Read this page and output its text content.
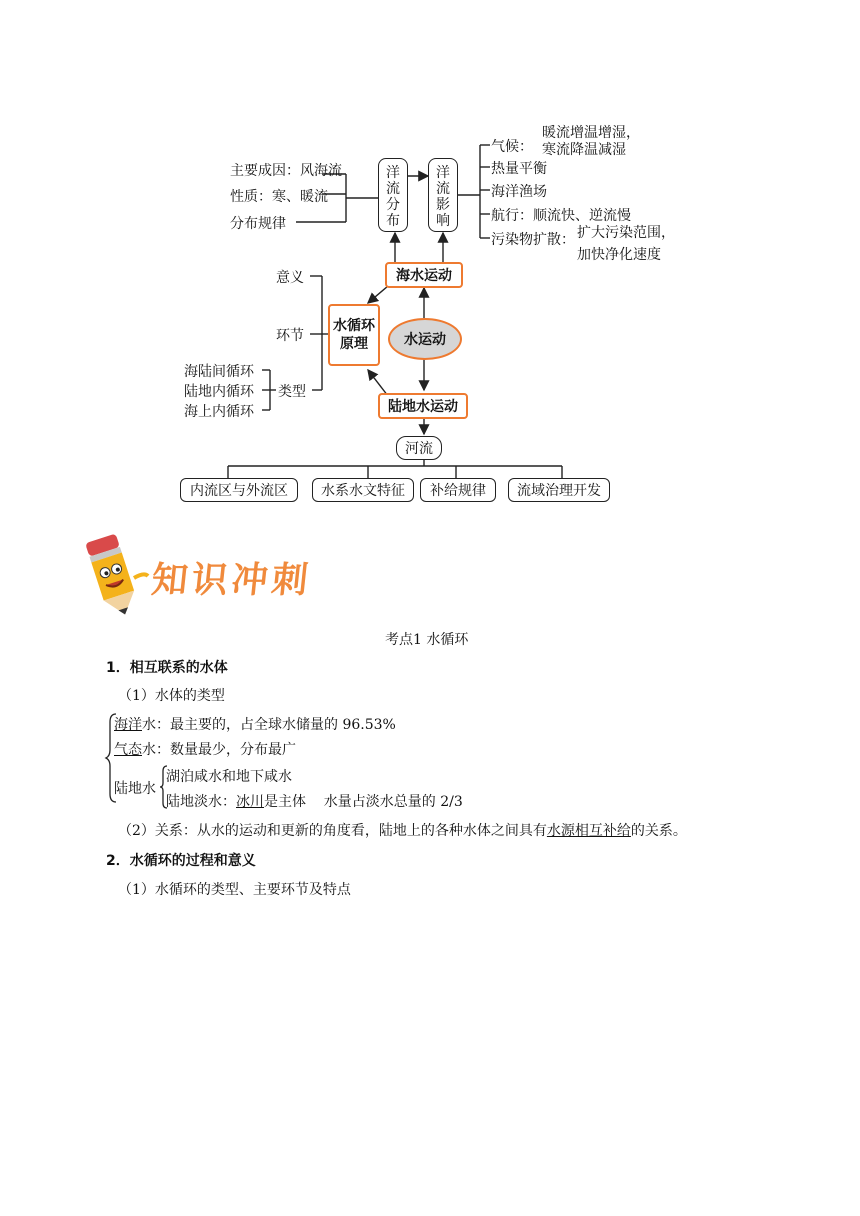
主要成因：风海流
性质：寒、暖流
分布规律
洋流分布
洋流影响
气候：
暖流增温增湿，
寒流降温减湿
热量平衡
海洋渔场
航行：顺流快、逆流慢
污染物扩散： 扩大污染范围，
加快净化速度
海水运动
水循环原理	水运动
陆地水运动
意义
环节
类型
海陆间循环
陆地内循环
海上内循环
河流
内流区与外流区	水系水文特征	补给规律	流域治理开发
知识冲刺
考点1 水循环
1．相互联系的水体
（1）水体的类型
海洋水：最主要的，占全球水储量的 96.53%
气态水：数量最少，分布最广
陆地水
湖泊咸水和地下咸水
陆地淡水：冰川是主体    水量占淡水总量的 2/3
（2）关系：从水的运动和更新的角度看，陆地上的各种水体之间具有水源相互补给的关系。
2．水循环的过程和意义
（1）水循环的类型、主要环节及特点
